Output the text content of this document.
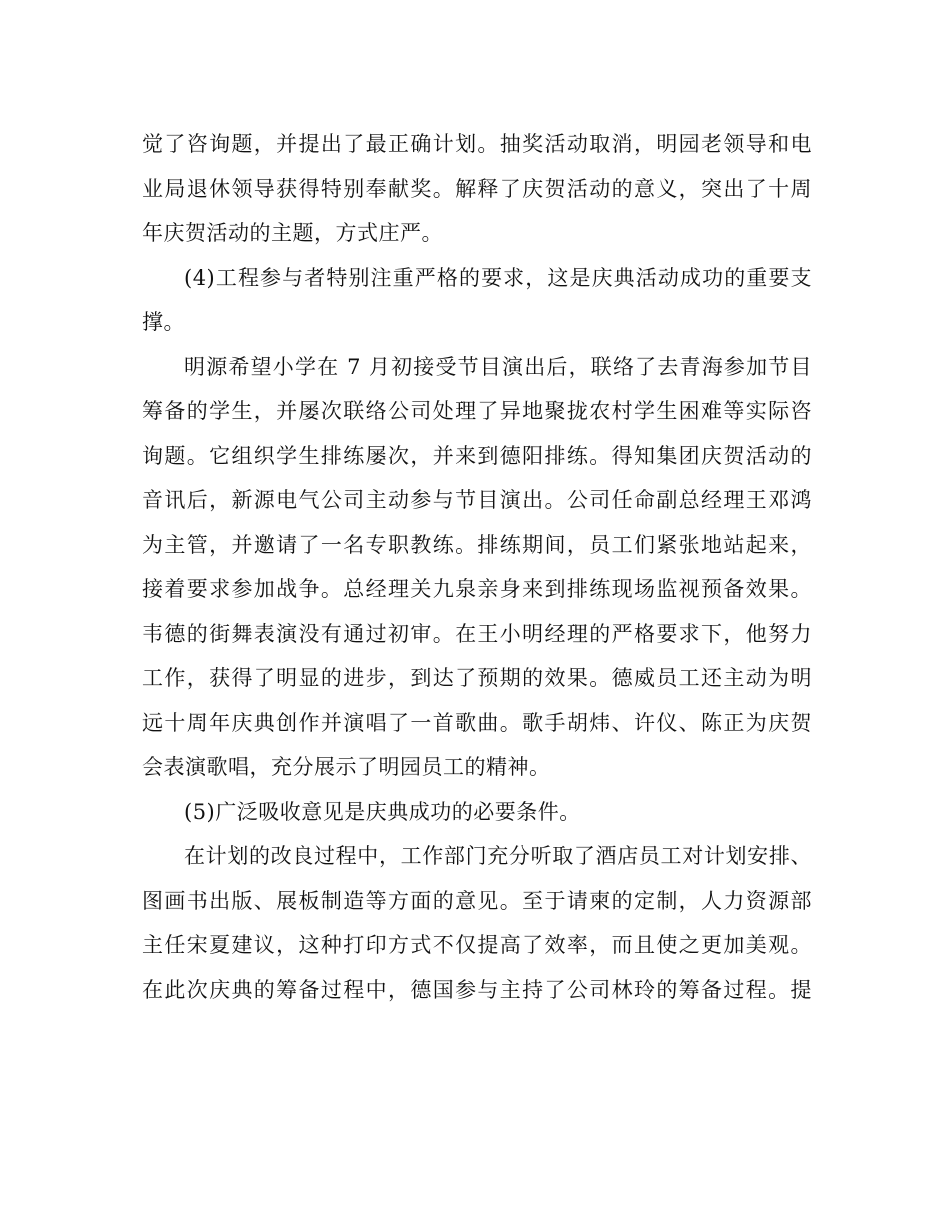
觉了咨询题，并提出了最正确计划。抽奖活动取消，明园老领导和电
业局退休领导获得特别奉献奖。解释了庆贺活动的意义，突出了十周
年庆贺活动的主题，方式庄严。
(4)工程参与者特别注重严格的要求，这是庆典活动成功的重要支
撑。
明源希望小学在 7 月初接受节目演出后，联络了去青海参加节目
筹备的学生，并屡次联络公司处理了异地聚拢农村学生困难等实际咨
询题。它组织学生排练屡次，并来到德阳排练。得知集团庆贺活动的
音讯后，新源电气公司主动参与节目演出。公司任命副总经理王邓鸿
为主管，并邀请了一名专职教练。排练期间，员工们紧张地站起来，
接着要求参加战争。总经理关九泉亲身来到排练现场监视预备效果。
韦德的街舞表演没有通过初审。在王小明经理的严格要求下，他努力
工作，获得了明显的进步，到达了预期的效果。德威员工还主动为明
远十周年庆典创作并演唱了一首歌曲。歌手胡炜、许仪、陈正为庆贺
会表演歌唱，充分展示了明园员工的精神。
(5)广泛吸收意见是庆典成功的必要条件。
在计划的改良过程中，工作部门充分听取了酒店员工对计划安排、
图画书出版、展板制造等方面的意见。至于请柬的定制，人力资源部
主任宋夏建议，这种打印方式不仅提高了效率，而且使之更加美观。
在此次庆典的筹备过程中，德国参与主持了公司林玲的筹备过程。提
